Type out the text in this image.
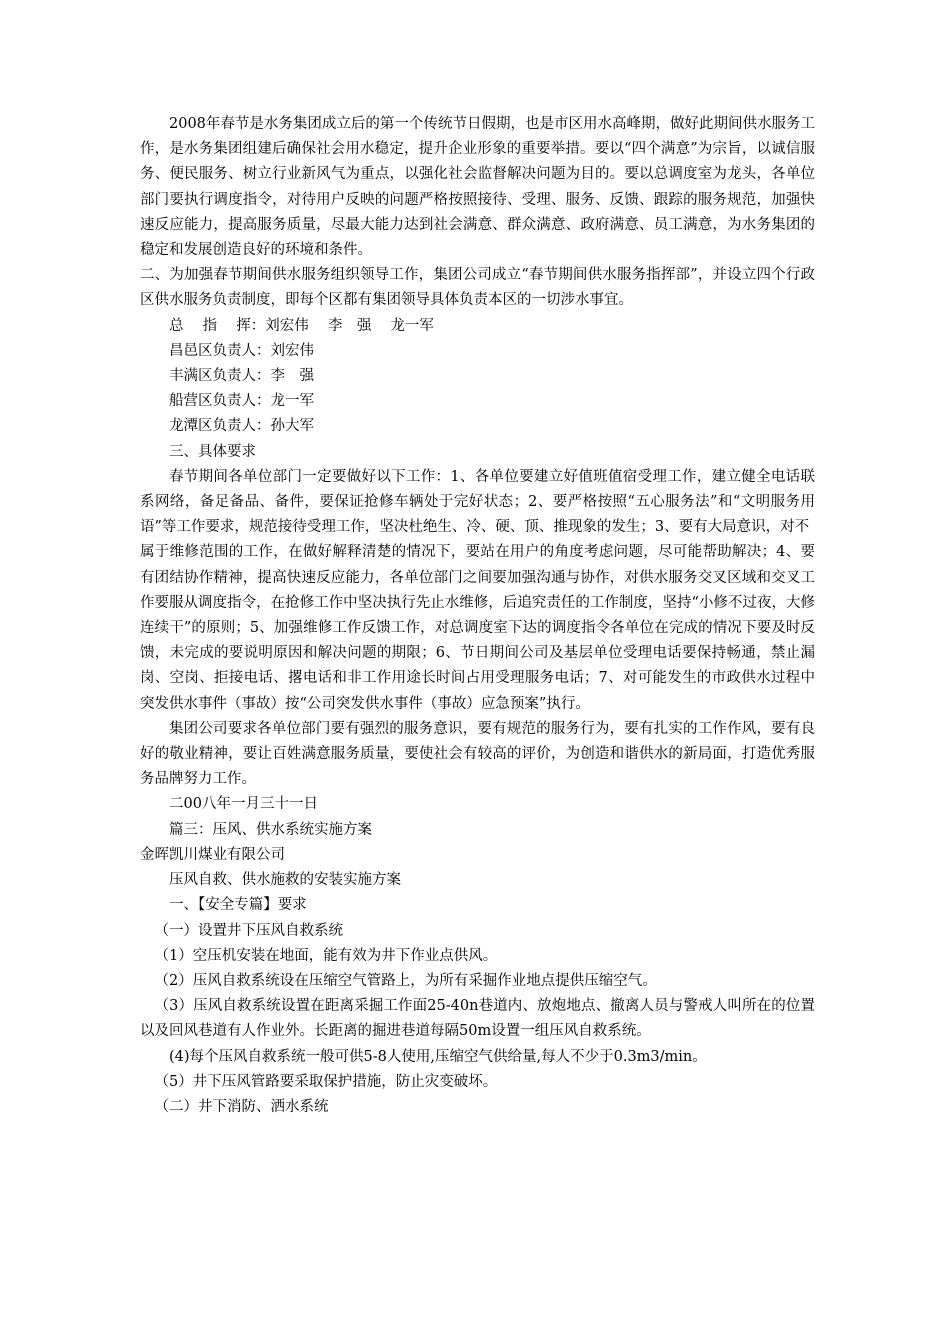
2008年春节是水务集团成立后的第一个传统节日假期，也是市区用水高峰期，做好此期间供水服务工作，是水务集团组建后确保社会用水稳定，提升企业形象的重要举措。要以“四个满意”为宗旨，以诚信服务、便民服务、树立行业新风气为重点，以强化社会监督解决问题为目的。要以总调度室为龙头，各单位部门要执行调度指令，对待用户反映的问题严格按照接待、受理、服务、反馈、跟踪的服务规范，加强快速反应能力，提高服务质量，尽最大能力达到社会满意、群众满意、政府满意、员工满意，为水务集团的稳定和发展创造良好的环境和条件。

二、为加强春节期间供水服务组织领导工作，集团公司成立“春节期间供水服务指挥部”，并设立四个行政区供水服务负责制度，即每个区都有集团领导具体负责本区的一切涉水事宜。

总　 指　 挥：刘宏伟　 李　强　 龙一军
昌邑区负责人：刘宏伟
丰满区负责人：李　强
船营区负责人：龙一军
龙潭区负责人：孙大军
三、具体要求

春节期间各单位部门一定要做好以下工作：1、各单位要建立好值班值宿受理工作，建立健全电话联系网络，备足备品、备件，要保证抢修车辆处于完好状态；2、要严格按照“五心服务法”和“文明服务用语”等工作要求，规范接待受理工作，坚决杜绝生、冷、硬、顶、推现象的发生；3、要有大局意识，对不

属于维修范围的工作，在做好解释清楚的情况下，要站在用户的角度考虑问题，尽可能帮助解决；4、要有团结协作精神，提高快速反应能力，各单位部门之间要加强沟通与协作，对供水服务交叉区域和交叉工作要服从调度指令，在抢修工作中坚决执行先止水维修，后追究责任的工作制度，坚持“小修不过夜，大修连续干”的原则；5、加强维修工作反馈工作，对总调度室下达的调度指令各单位在完成的情况下要及时反馈，未完成的要说明原因和解决问题的期限；6、节日期间公司及基层单位受理电话要保持畅通，禁止漏岗、空岗、拒接电话、撂电话和非工作用途长时间占用受理服务电话；7、对可能发生的市政供水过程中突发供水事件（事故）按“公司突发供水事件（事故）应急预案”执行。

集团公司要求各单位部门要有强烈的服务意识，要有规范的服务行为，要有扎实的工作作风，要有良好的敬业精神，要让百姓满意服务质量，要使社会有较高的评价，为创造和谐供水的新局面，打造优秀服务品牌努力工作。

二00八年一月三十一日
篇三：压风、供水系统实施方案
金晖凯川煤业有限公司
压风自救、供水施救的安装实施方案
一、【安全专篇】要求
（一）设置井下压风自救系统
（1）空压机安装在地面，能有效为井下作业点供风。
（2）压风自救系统设在压缩空气管路上，为所有采掘作业地点提供压缩空气。

（3）压风自救系统设置在距离采掘工作面25-40n巷道内、放炮地点、撤离人员与警戒人叫所在的位置以及回风巷道有人作业外。长距离的掘进巷道每隔50m设置一组压风自救系统。

(4)每个压风自救系统一般可供5-8人使用,压缩空气供给量,每人不少于0.3m3/min。
（5）井下压风管路要采取保护措施，防止灾变破坏。
（二）井下消防、洒水系统
